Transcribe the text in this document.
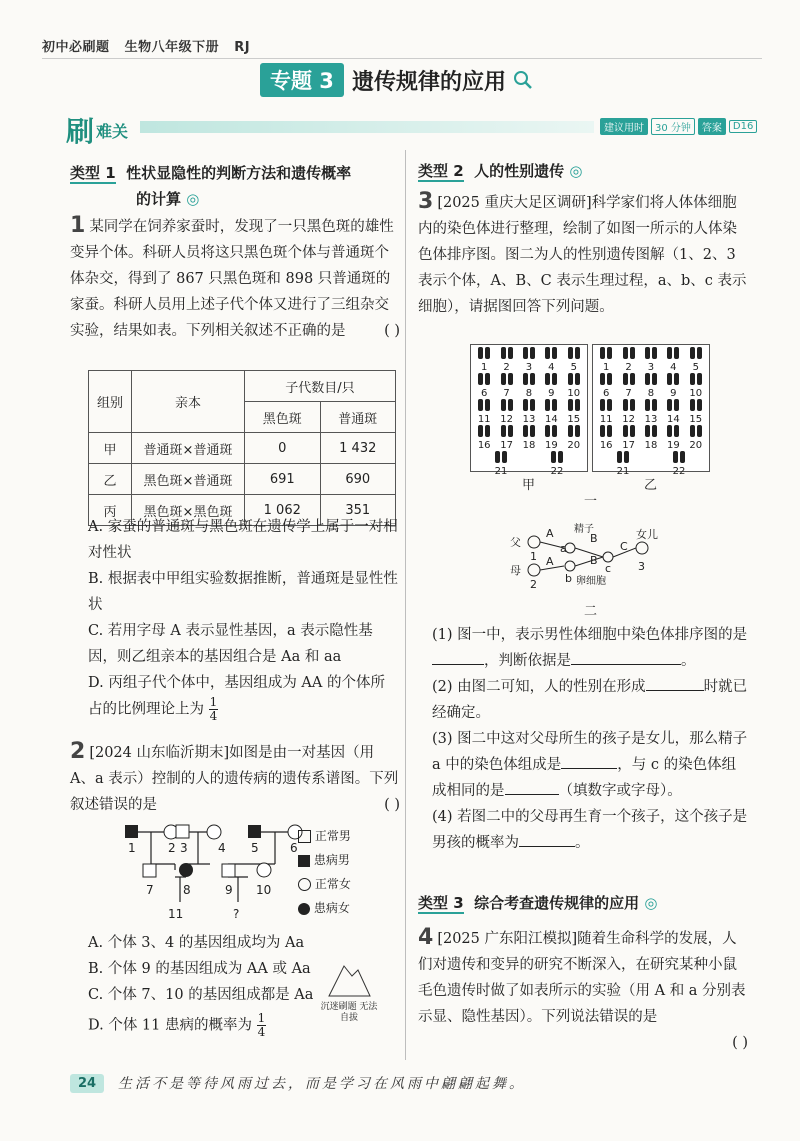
初中必刷题 生物八年级下册 RJ
专题 3 遗传规律的应用
刷 难关	建议用时	30 分钟	答案	D16
类型 1 性状显隐性的判断方法和遗传概率
的计算 ◎
1 某同学在饲养家蚕时，发现了一只黑色斑的雄性变异个体。科研人员将这只黑色斑个体与普通斑个体杂交，得到了 867 只黑色斑和 898 只普通斑的家蚕。科研人员用上述子代个体又进行了三组杂交实验，结果如表。下列相关叙述不正确的是	( )
组别	亲本	子代数目/只	
		黑色斑	普通斑
甲	普通斑×普通斑	0	1 432
乙	黑色斑×普通斑	691	690
丙	黑色斑×黑色斑	1 062	351
A. 家蚕的普通斑与黑色斑在遗传学上属于一对相对性状
B. 根据表中甲组实验数据推断，普通斑是显性性状
C. 若用字母 A 表示显性基因，a 表示隐性基因，则乙组亲本的基因组合是 Aa 和 aa
D. 丙组子代个体中，基因组成为 AA 的个体所占的比例理论上为 $\frac{1}{4}$
2 [2024 山东临沂期末]如图是由一对基因（用 A、a 表示）控制的人的遗传病的遗传系谱图。下列叙述错误的是	( )
1	2 3	4 5	6
7 8	9 10
11	?
正常男
患病男
正常女
患病女
A. 个体 3、4 的基因组成均为 Aa
B. 个体 9 的基因组成为 AA 或 Aa
C. 个体 7、10 的基因组成都是 Aa
D. 个体 11 患病的概率为 $\frac{1}{4}$
沉迷刷题 无法自拔
类型 2 人的性别遗传 ◎
3 [2025 重庆大足区调研]科学家们将人体体细胞内的染色体进行整理，绘制了如图一所示的人体染色体排序图。图二为人的性别遗传图解（1、2、3 表示个体，A、B、C 表示生理过程，a、b、c 表示细胞），请据图回答下列问题。
1	2	3	4	5
6	7	8	9	10
11 12 13 14 15
16 17 18 19 20
21	22
1	2	3	4	5
6	7	8	9	10
11 12 13 14 15
16 17 18 19 20
21	22
甲	乙
一
父
母
1
2
A
A
a
b
B
B
c
C
女儿
3
精子
卵细胞
二
(1) 图一中，表示男性体细胞中染色体排序图的是，判断依据是	。
(2) 由图二可知，人的性别在形成	时就已经确定。
(3) 图二中这对父母所生的孩子是女儿，那么精子 a 中的染色体组成是	，与 c 的染色体组成相同的是	（填数字或字母）。
(4) 若图二中的父母再生育一个孩子，这个孩子是男孩的概率为	。
类型 3 综合考查遗传规律的应用 ◎
4 [2025 广东阳江模拟]随着生命科学的发展，人们对遗传和变异的研究不断深入，在研究某种小鼠毛色遗传时做了如表所示的实验（用 A 和 a 分别表示显、隐性基因）。下列说法错误的是
( )
24	生活不是等待风雨过去，而是学习在风雨中翩翩起舞。
